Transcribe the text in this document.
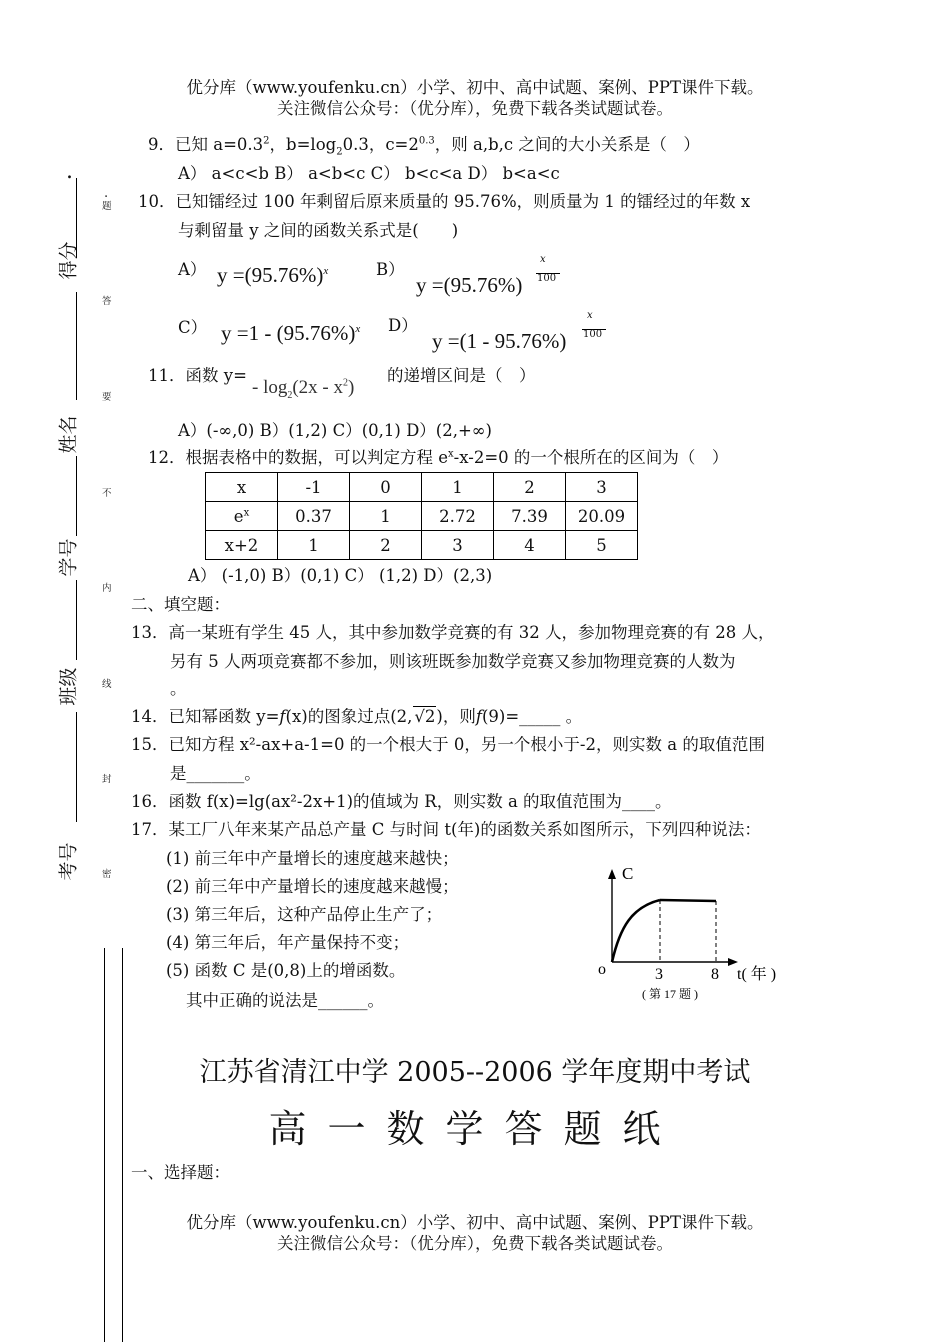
优分库（www.youfenku.cn）小学、初中、高中试题、案例、PPT课件下载。
关注微信公众号：（优分库），免费下载各类试题试卷。
.
得分
姓名
学号
班级
考号
.
题
答
要
不
内
线
封
密
9．已知 $a=0.3^2$，$b=\log_20.3$，$c=2^{0.3}$，则 a,b,c 之间的大小关系是（　）
A） a<c<b B） a<b<c C） b<c<a D） b<a<c
10．已知镭经过 100 年剩留后原来质量的 95.76%，则质量为 1 的镭经过的年数 x
与剩留量 y 之间的函数关系式是(　　)
A） $y =(95.76\%)^x$	B）
y =(95.76%)
x
100
C） $y =1 - (95.76\%)^x$ D）
y =(1 - 95.76%)
x
100
11．函数 y=
- $\log_2(2x - x^2)$
的递增区间是（　）
A）(-∞,0) B）(1,2) C）(0,1) D）(2,+∞)
12．根据表格中的数据，可以判定方程 $e^x-x-2=0$ 的一个根所在的区间为（　）
x	-1	0	1	2	3
$e^x$	0.37	1	2.72	7.39	20.09
x+2	1	2	3	4	5
A） (-1,0) B）(0,1) C） (1,2) D）(2,3)
二、填空题：
13．高一某班有学生 45 人，其中参加数学竞赛的有 32 人，参加物理竞赛的有 28 人，
另有 5 人两项竞赛都不参加，则该班既参加数学竞赛又参加物理竞赛的人数为
。
14．已知幂函数 y=f(x)的图象过点(2, √2)，则f(9)=_____ 。
15．已知方程 x²-ax+a-1=0 的一个根大于 0，另一个根小于-2，则实数 a 的取值范围
是_______。
16．函数 f(x)=lg(ax²-2x+1)的值域为 R，则实数 a 的取值范围为____。
17．某工厂八年来某产品总产量 C 与时间 t(年)的函数关系如图所示，下列四种说法：
(1) 前三年中产量增长的速度越来越快；
(2) 前三年中产量增长的速度越来越慢；
(3) 第三年后，这种产品停止生产了；
(4) 第三年后，年产量保持不变；
(5) 函数 C 是(0,8)上的增函数。
其中正确的说法是______。
C
o	3	8 t( 年 )
( 第 17 题 )
江苏省清江中学 2005--2006 学年度期中考试
高一数学答题纸
一、选择题：
优分库（www.youfenku.cn）小学、初中、高中试题、案例、PPT课件下载。
关注微信公众号：（优分库），免费下载各类试题试卷。
